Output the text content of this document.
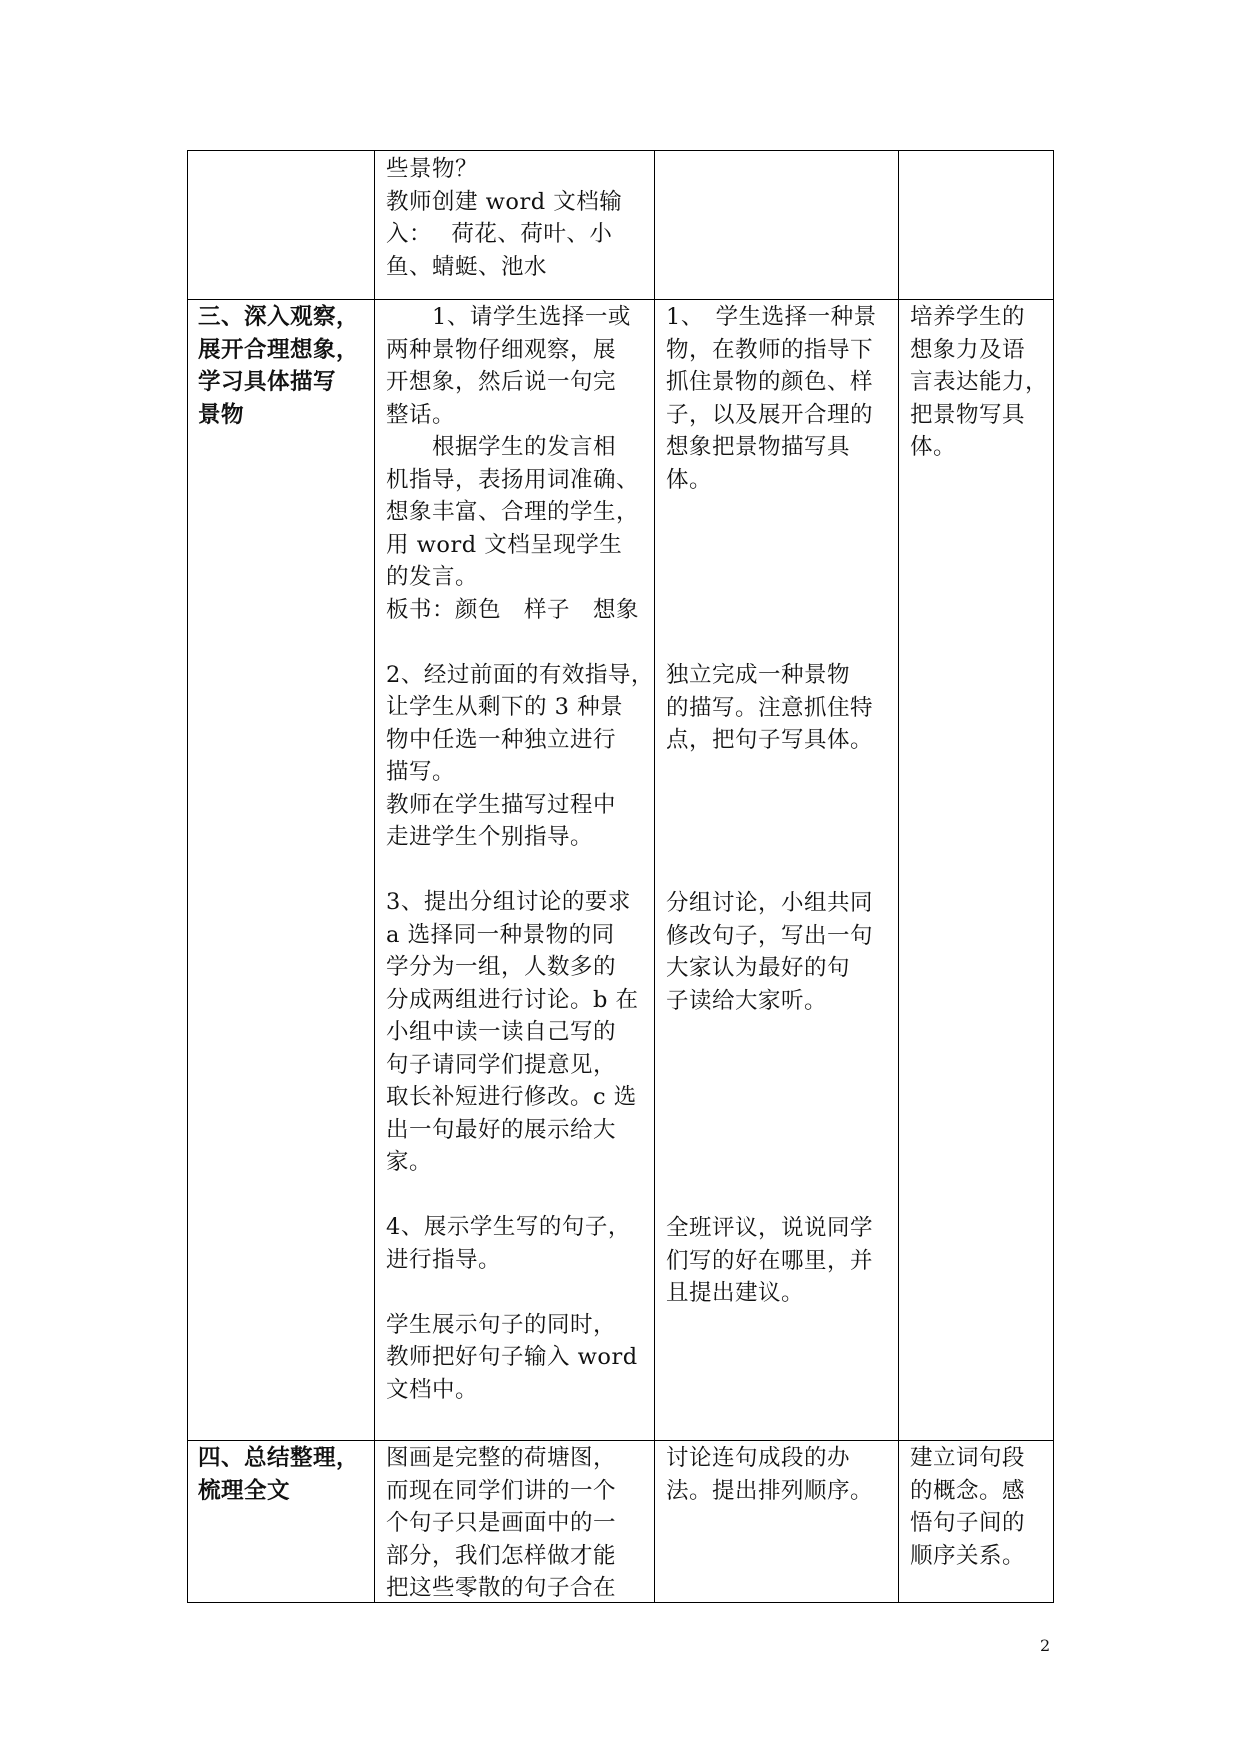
些景物？

教师创建 word 文档输

入：　 荷花、荷叶、小

鱼、蜻蜓、池水

三、深入观察，

展开合理想象，

学习具体描写

景物

　　1、请学生选择一或

两种景物仔细观察，展

开想象，然后说一句完

整话。

　　根据学生的发言相

机指导，表扬用词准确、

想象丰富、合理的学生，

用 word 文档呈现学生

的发言。

板书：颜色　样子　想象

2、经过前面的有效指导，

让学生从剩下的 3 种景

物中任选一种独立进行

描写。

教师在学生描写过程中

走进学生个别指导。

3、提出分组讨论的要求

a 选择同一种景物的同

学分为一组，人数多的

分成两组进行讨论。b 在

小组中读一读自己写的

句子请同学们提意见，

取长补短进行修改。c 选

出一句最好的展示给大

家。

4、展示学生写的句子，

进行指导。

学生展示句子的同时，

教师把好句子输入 word

文档中。

1、　学生选择一种景

物，在教师的指导下

抓住景物的颜色、样

子，以及展开合理的

想象把景物描写具

体。

独立完成一种景物

的描写。注意抓住特

点，把句子写具体。

分组讨论，小组共同

修改句子，写出一句

大家认为最好的句

子读给大家听。

全班评议，说说同学

们写的好在哪里，并

且提出建议。

培养学生的

想象力及语

言表达能力，

把景物写具

体。

四、总结整理，

梳理全文

图画是完整的荷塘图，

而现在同学们讲的一个

个句子只是画面中的一

部分，我们怎样做才能

把这些零散的句子合在

讨论连句成段的办

法。提出排列顺序。

建立词句段

的概念。感

悟句子间的

顺序关系。

2
